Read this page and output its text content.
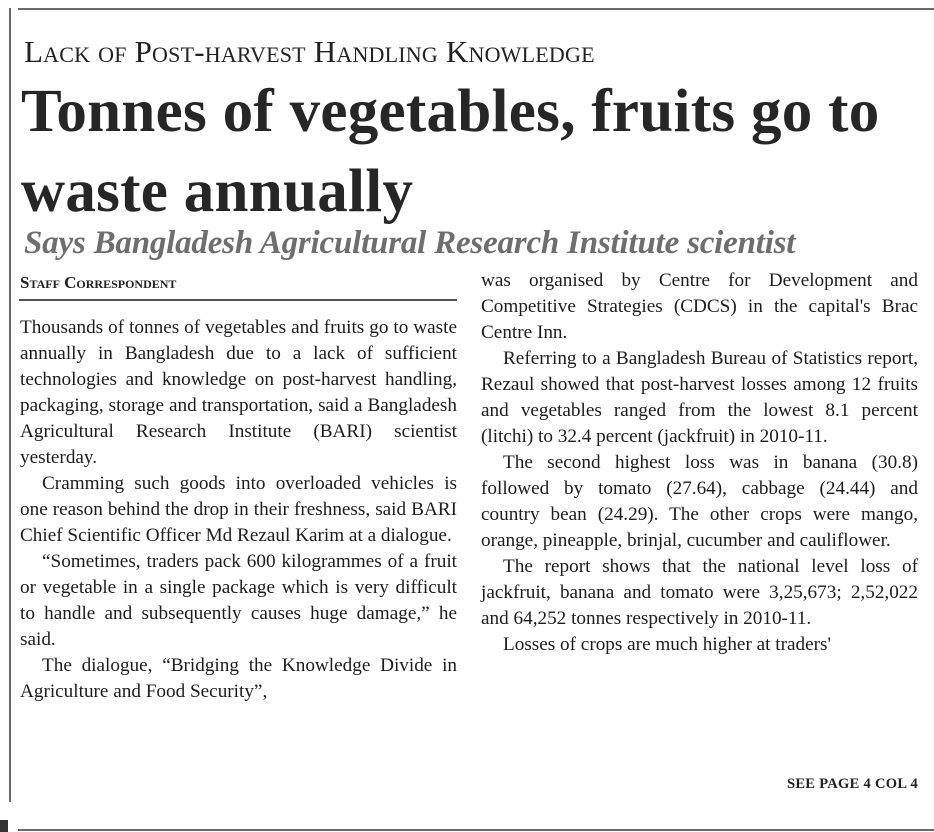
Lack of Post-harvest Handling Knowledge
Tonnes of vegetables, fruits go to waste annually
Says Bangladesh Agricultural Research Institute scientist
Staff Correspondent

Thousands of tonnes of vegetables and fruits go to waste annually in Bangladesh due to a lack of sufficient technologies and knowledge on post-harvest handling, packaging, storage and transportation, said a Bangladesh Agricultural Research Institute (BARI) scientist yesterday.

Cramming such goods into overloaded vehicles is one reason behind the drop in their freshness, said BARI Chief Scientific Officer Md Rezaul Karim at a dialogue.

“Sometimes, traders pack 600 kilogrammes of a fruit or vegetable in a single package which is very difficult to handle and subsequently causes huge damage,” he said.

The dialogue, “Bridging the Knowledge Divide in Agriculture and Food Security”,

was organised by Centre for Development and Competitive Strategies (CDCS) in the capital's Brac Centre Inn.

Referring to a Bangladesh Bureau of Statistics report, Rezaul showed that post-harvest losses among 12 fruits and vegetables ranged from the lowest 8.1 percent (litchi) to 32.4 percent (jackfruit) in 2010-11.

The second highest loss was in banana (30.8) followed by tomato (27.64), cabbage (24.44) and country bean (24.29). The other crops were mango, orange, pineapple, brinjal, cucumber and cauliflower.

The report shows that the national level loss of jackfruit, banana and tomato were 3,25,673; 2,52,022 and 64,252 tonnes respectively in 2010-11.

Losses of crops are much higher at traders'

SEE PAGE 4 COL 4
